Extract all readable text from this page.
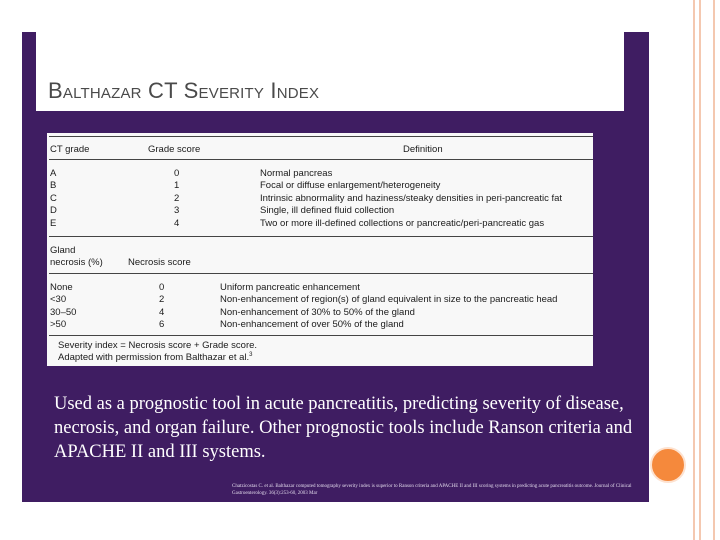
Balthazar CT Severity Index
CT grade	Grade score	Definition
A	0	Normal pancreas
B	1	Focal or diffuse enlargement/heterogeneity
C	2	Intrinsic abnormality and haziness/steaky densities in peri-pancreatic fat
D	3	Single, ill defined fluid collection
E	4	Two or more ill-defined collections or pancreatic/peri-pancreatic gas
Gland
necrosis (%)	Necrosis score
None	0	Uniform pancreatic enhancement
<30	2	Non-enhancement of region(s) of gland equivalent in size to the pancreatic head
30–50	4	Non-enhancement of 30% to 50% of the gland
>50	6	Non-enhancement of over 50% of the gland
Severity index = Necrosis score + Grade score.
Adapted with permission from Balthazar et al.$^3$

Used as a prognostic tool in acute pancreatitis, predicting severity of disease, necrosis, and organ failure. Other prognostic tools include Ranson criteria and APACHE II and III systems.

Chatzicostas C. et al. Balthazar computed tomography severity index is superior to Ranson criteria and APACHE II and III scoring systems in predicting acute pancreatitis outcome. Journal of Clinical Gastroenterology. 36(3):253-60, 2003 Mar
